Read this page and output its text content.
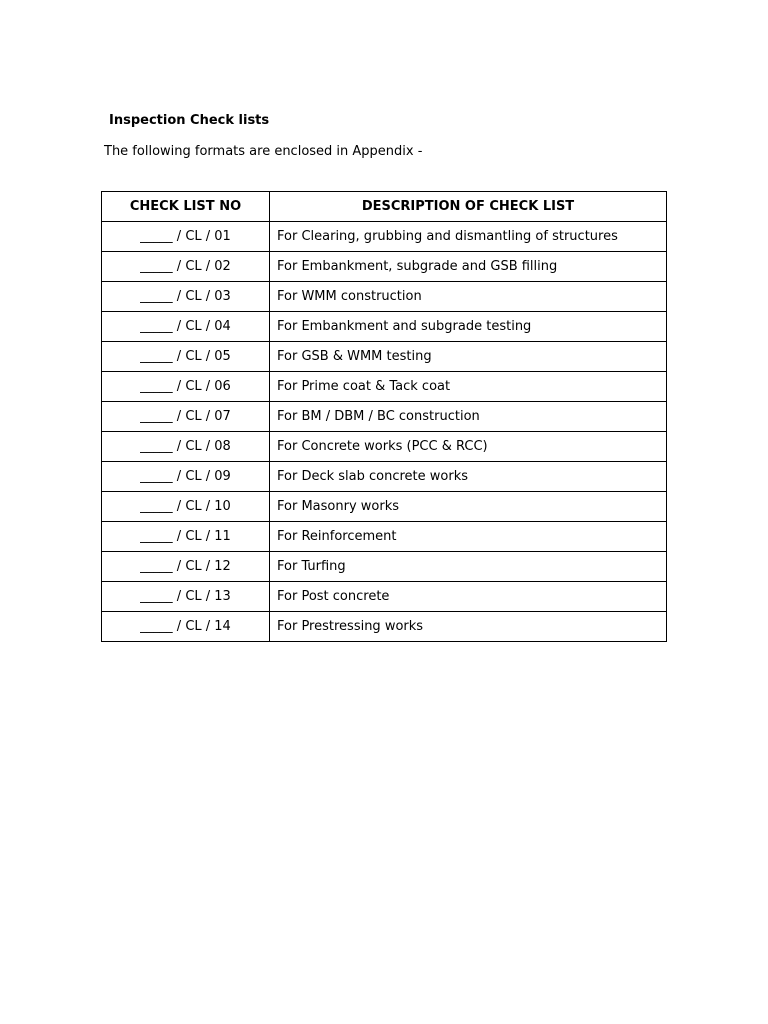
Inspection Check lists
The following formats are enclosed in Appendix -
CHECK LIST NO	DESCRIPTION OF CHECK LIST
_____ / CL / 01	For Clearing, grubbing and dismantling of structures
_____ / CL / 02	For Embankment, subgrade and GSB filling
_____ / CL / 03	For WMM construction
_____ / CL / 04	For Embankment and subgrade testing
_____ / CL / 05	For GSB & WMM testing
_____ / CL / 06	For Prime coat & Tack coat
_____ / CL / 07	For BM / DBM / BC construction
_____ / CL / 08	For Concrete works (PCC & RCC)
_____ / CL / 09	For Deck slab concrete works
_____ / CL / 10	For Masonry works
_____ / CL / 11	For Reinforcement
_____ / CL / 12	For Turfing
_____ / CL / 13	For Post concrete
_____ / CL / 14	For Prestressing works
